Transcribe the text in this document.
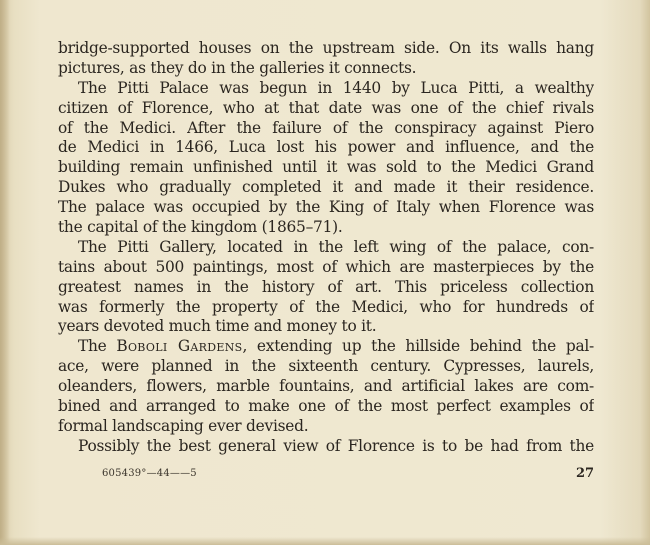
bridge-supported houses on the upstream side. On its walls hang
pictures, as they do in the galleries it connects.
The Pitti Palace was begun in 1440 by Luca Pitti, a wealthy
citizen of Florence, who at that date was one of the chief rivals
of the Medici. After the failure of the conspiracy against Piero
de Medici in 1466, Luca lost his power and influence, and the
building remain unfinished until it was sold to the Medici Grand
Dukes who gradually completed it and made it their residence.
The palace was occupied by the King of Italy when Florence was
the capital of the kingdom (1865–71).
The Pitti Gallery, located in the left wing of the palace, con-
tains about 500 paintings, most of which are masterpieces by the
greatest names in the history of art. This priceless collection
was formerly the property of the Medici, who for hundreds of
years devoted much time and money to it.
The Boboli Gardens, extending up the hillside behind the pal-
ace, were planned in the sixteenth century. Cypresses, laurels,
oleanders, flowers, marble fountains, and artificial lakes are com-
bined and arranged to make one of the most perfect examples of
formal landscaping ever devised.
Possibly the best general view of Florence is to be had from the
605439°—44——5	27
